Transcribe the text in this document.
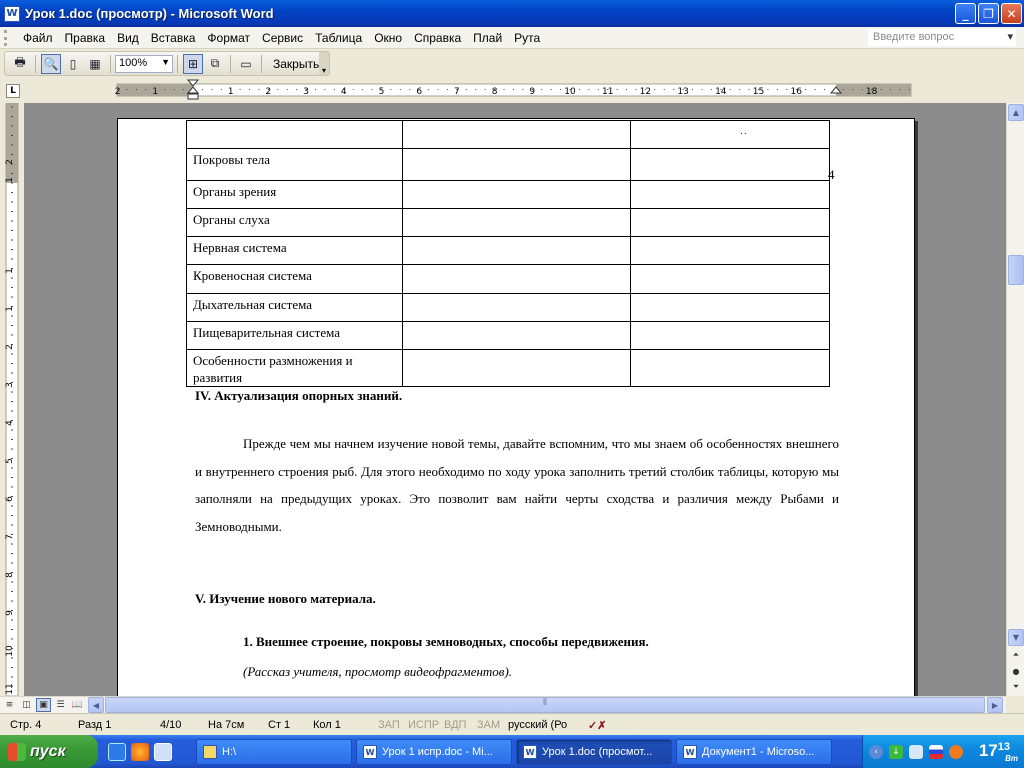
W Урок 1.doc (просмотр) - Microsoft Word	_	❐	✕
Файл	Правка	Вид	Вставка	Формат	Сервис	Таблица	Окно	Справка	Плай	Рута	Введите вопрос	▾
🖶	🔍 ▯	▦	100% ▼	⊞	⧉	▭	Закрыть ▾
L	2	1	1	2	3	4	5	6	7	8	9	10	11	12	13	14	15	16	18
2
1
1
1
2
3
4
5
6
7
8
9
10
11

Покровы тела		
Органы зрения		
Органы слуха		
Нервная система		
Кровеносная система		
Дыхательная система		
Пищеварительная система		
Особенности размножения и развития		
..
4
IV. Актуализация опорных знаний.
Прежде чем мы начнем изучение новой темы, давайте вспомним, что мы знаем об особенностях внешнего и внутреннего строения рыб. Для этого необходимо по ходу урока заполнить третий столбик таблицы, которую мы заполняли на предыдущих уроках. Это позволит вам найти черты сходства и различия между Рыбами и Земноводными.
V. Изучение нового материала.
1. Внешнее строение, покровы земноводных, способы передвижения.
(Рассказ учителя, просмотр видеофрагментов).
▲
▼
⏶
●
⏷
≡ ◫ ▣ ☰ 📖	◀	⦀	▶
Стр. 4	Разд 1	4/10 На 7см Ст 1 Кол 1	ЗАП ИСПР ВДП ЗАМ русский (Ро ✓✗
пуск	H:\	W Урок 1 испр.doc - Mi...	W Урок 1.doc (просмот...	W Документ1 - Microso...	‹	↓	$17^{13}$
Вт
